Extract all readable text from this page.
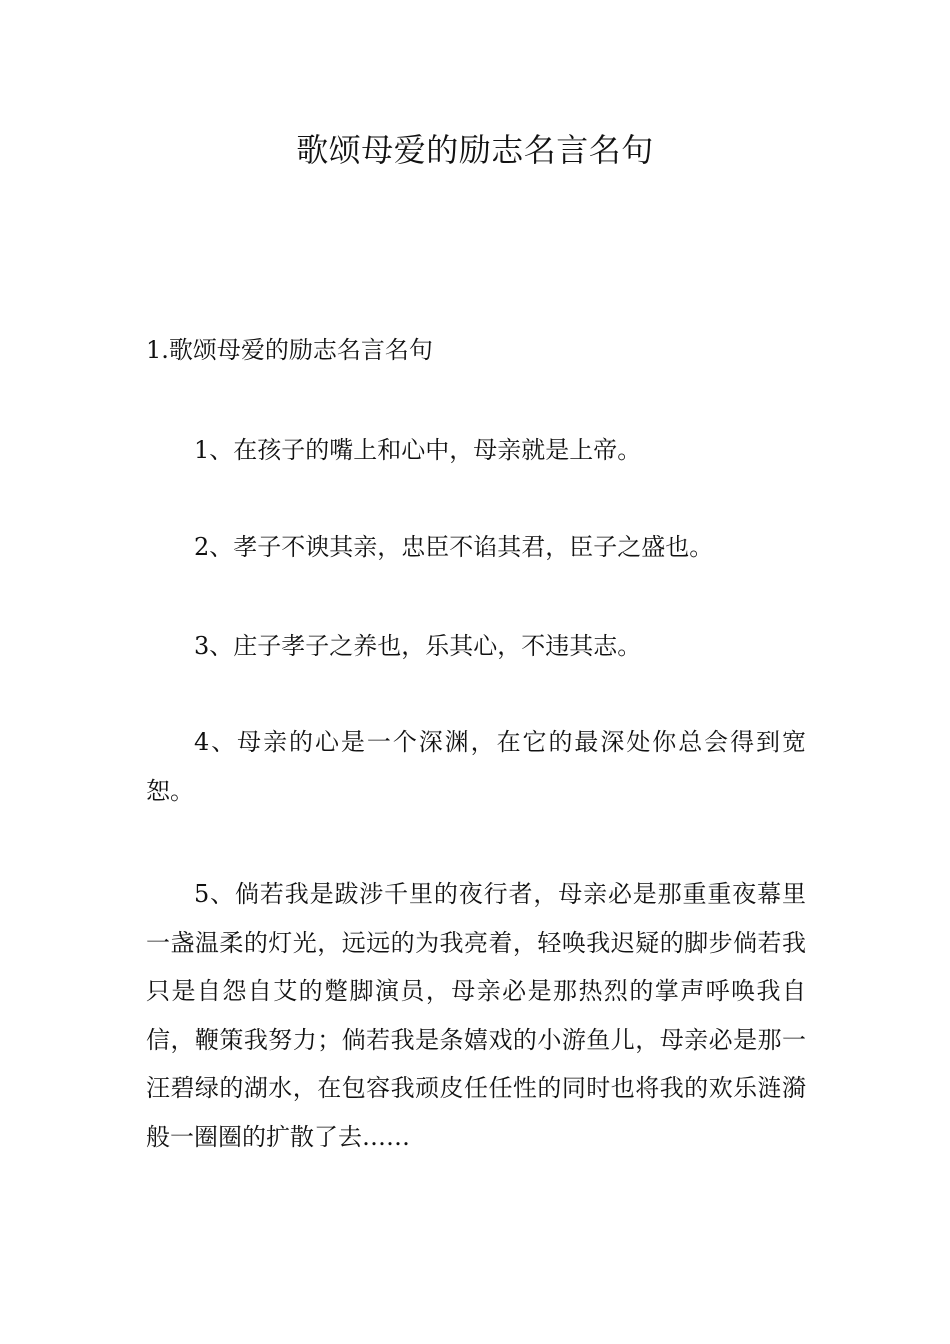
歌颂母爱的励志名言名句
1.歌颂母爱的励志名言名句

1、在孩子的嘴上和心中，母亲就是上帝。

2、孝子不谀其亲，忠臣不谄其君，臣子之盛也。

3、庄子孝子之养也，乐其心，不违其志。

4、母亲的心是一个深渊，在它的最深处你总会得到宽恕。

5、倘若我是跋涉千里的夜行者，母亲必是那重重夜幕里一盏温柔的灯光，远远的为我亮着，轻唤我迟疑的脚步倘若我只是自怨自艾的蹩脚演员，母亲必是那热烈的掌声呼唤我自信，鞭策我努力；倘若我是条嬉戏的小游鱼儿，母亲必是那一汪碧绿的湖水，在包容我顽皮任任性的同时也将我的欢乐涟漪般一圈圈的扩散了去……
